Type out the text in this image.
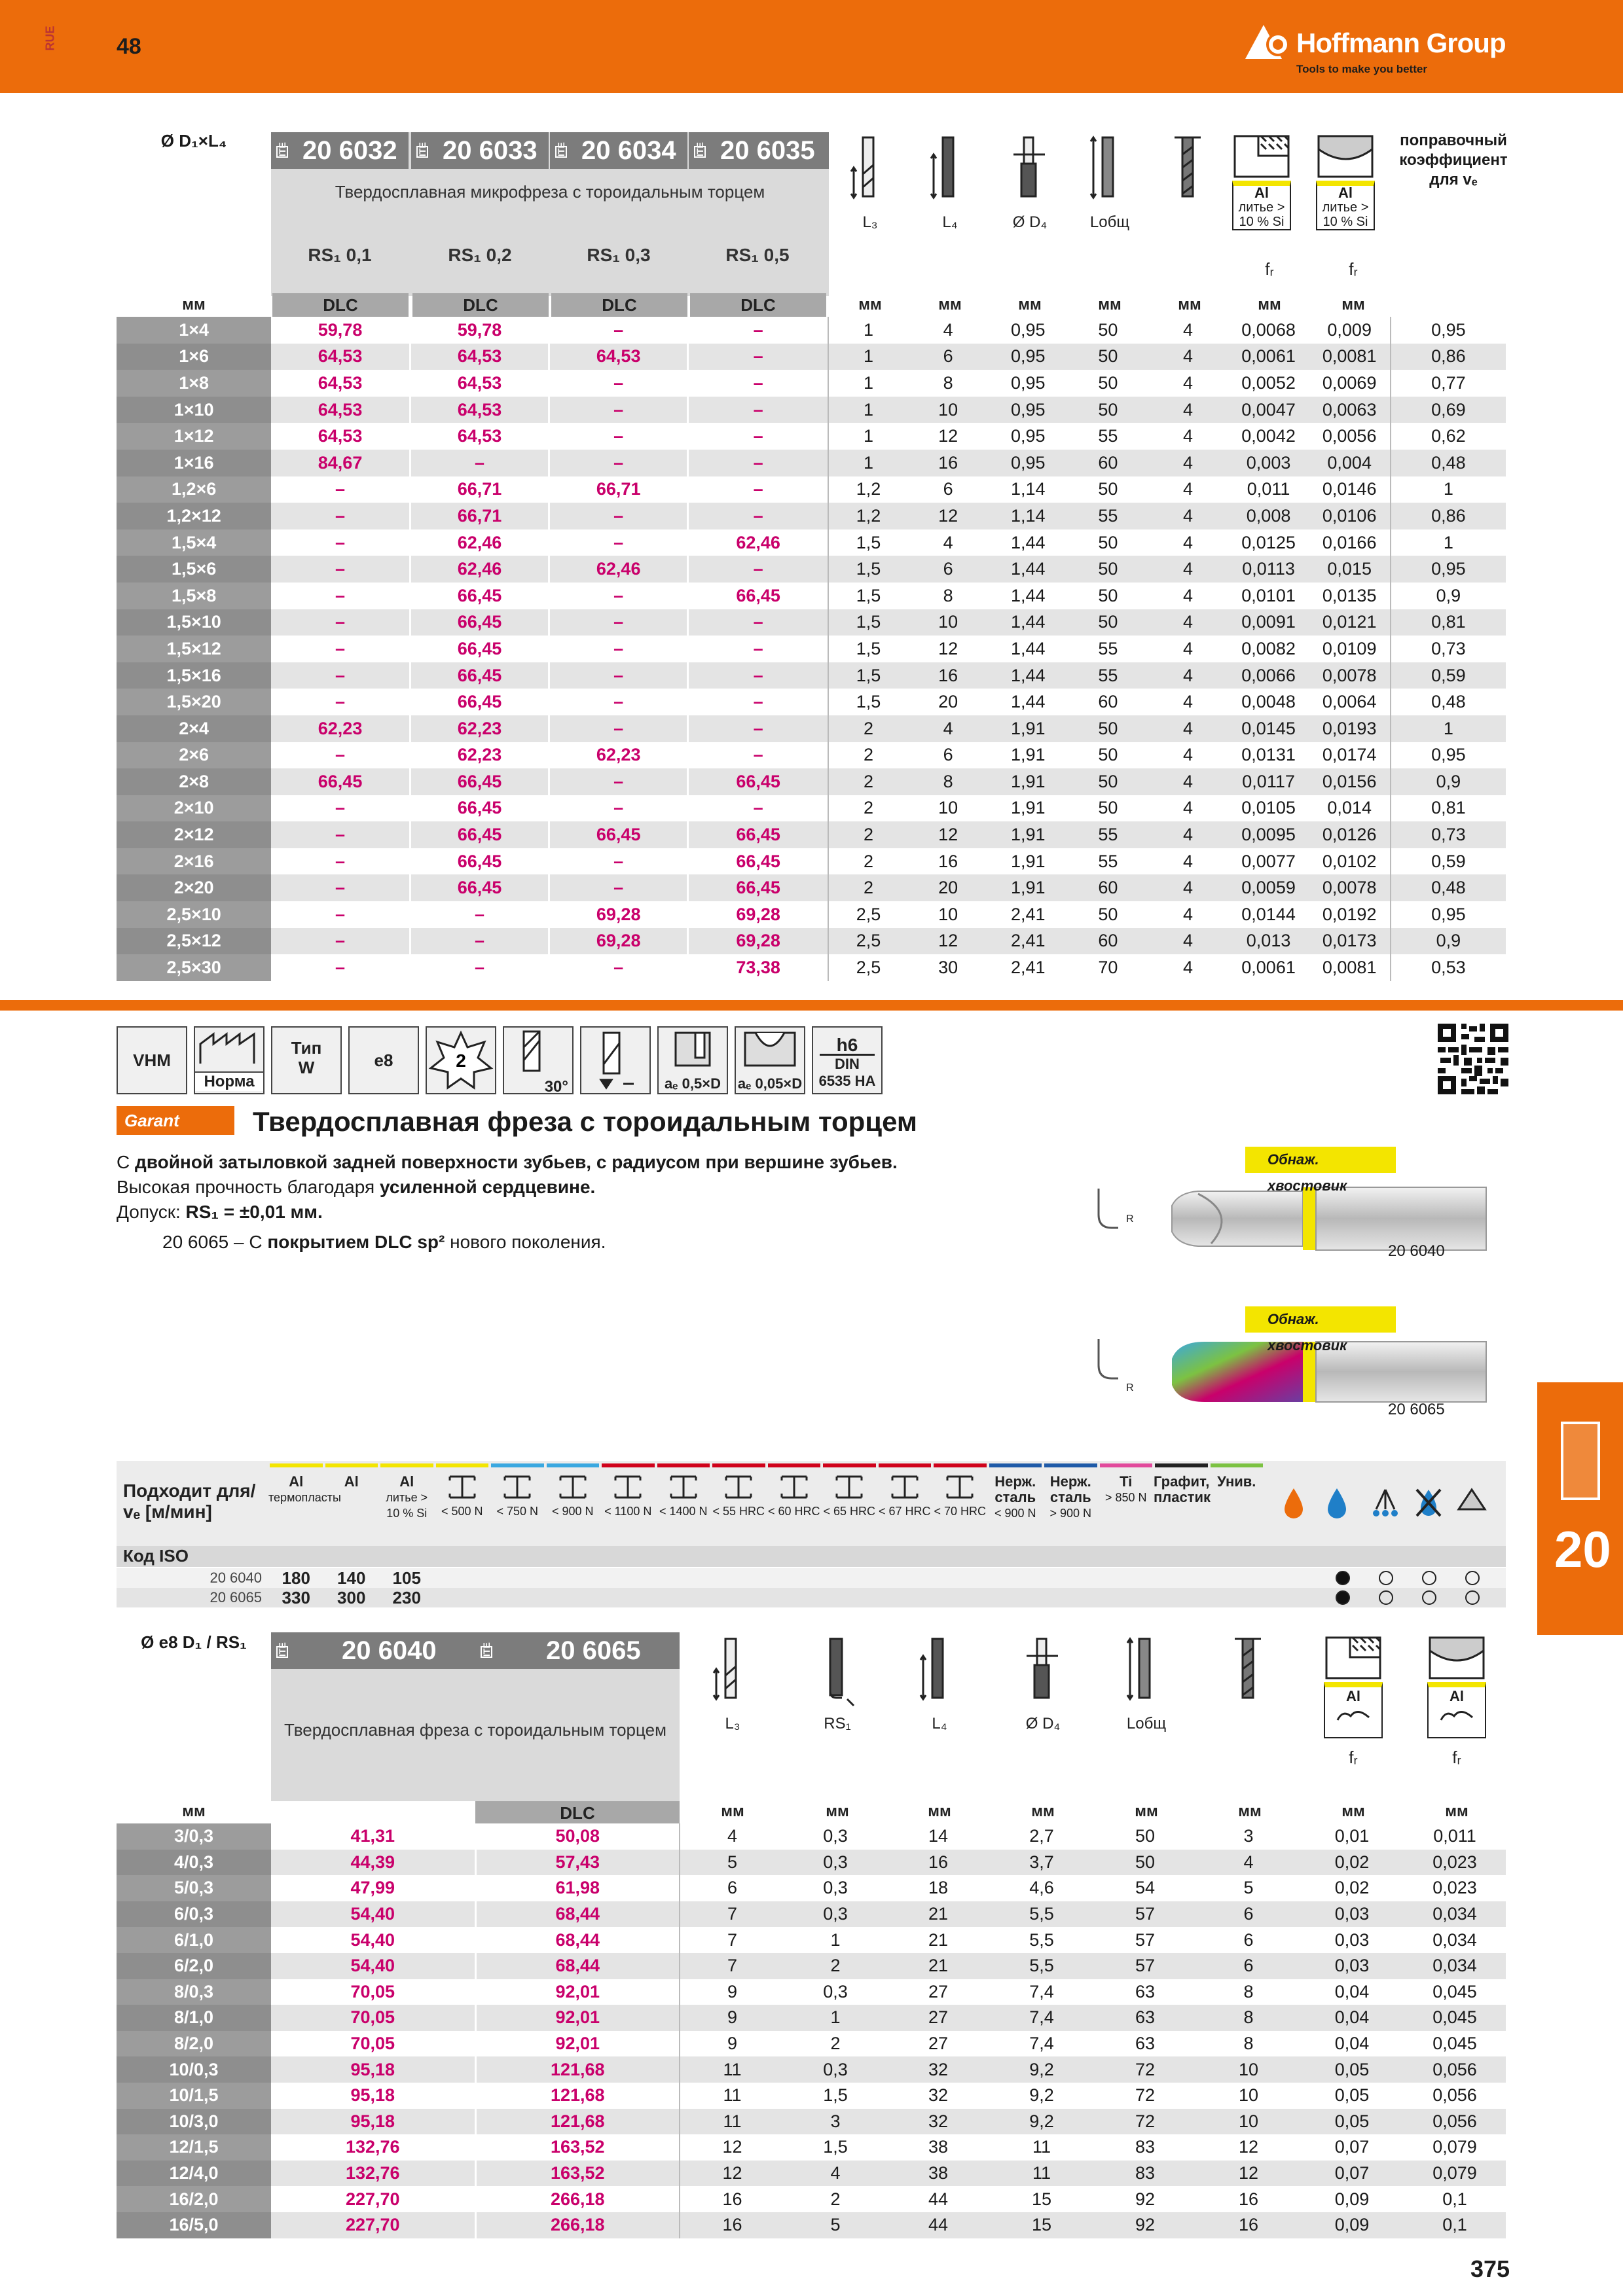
RUE	48	Hoffmann Group
Tools to make you better
Ø D₁×L₄	ITE 20 6032	ITE 20 6033	ITE 20 6034	ITE 20 6035
Твердосплавная микрофреза с тороидальным торцем
RS₁ 0,1	RS₁ 0,2	RS₁ 0,3	RS₁ 0,5
мм	DLC	DLC	DLC	DLC
L₃	L₄	Ø D₄	Lобщ
Al
литье > 10 % Si
fᵣ
Al
литье > 10 % Si
fᵣ
мм	мм	мм	мм	мм	мм	мм
поправочный коэффициент для vₑ
1×4	59,78	59,78	–	–	1	4	0,95	50	4	0,0068	0,009	0,95
1×6	64,53	64,53	64,53	–	1	6	0,95	50	4	0,0061	0,0081	0,86
1×8	64,53	64,53	–	–	1	8	0,95	50	4	0,0052	0,0069	0,77
1×10	64,53	64,53	–	–	1	10	0,95	50	4	0,0047	0,0063	0,69
1×12	64,53	64,53	–	–	1	12	0,95	55	4	0,0042	0,0056	0,62
1×16	84,67	–	–	–	1	16	0,95	60	4	0,003	0,004	0,48
1,2×6	–	66,71	66,71	–	1,2	6	1,14	50	4	0,011	0,0146	1
1,2×12	–	66,71	–	–	1,2	12	1,14	55	4	0,008	0,0106	0,86
1,5×4	–	62,46	–	62,46	1,5	4	1,44	50	4	0,0125	0,0166	1
1,5×6	–	62,46	62,46	–	1,5	6	1,44	50	4	0,0113	0,015	0,95
1,5×8	–	66,45	–	66,45	1,5	8	1,44	50	4	0,0101	0,0135	0,9
1,5×10	–	66,45	–	–	1,5	10	1,44	50	4	0,0091	0,0121	0,81
1,5×12	–	66,45	–	–	1,5	12	1,44	55	4	0,0082	0,0109	0,73
1,5×16	–	66,45	–	–	1,5	16	1,44	55	4	0,0066	0,0078	0,59
1,5×20	–	66,45	–	–	1,5	20	1,44	60	4	0,0048	0,0064	0,48
2×4	62,23	62,23	–	–	2	4	1,91	50	4	0,0145	0,0193	1
2×6	–	62,23	62,23	–	2	6	1,91	50	4	0,0131	0,0174	0,95
2×8	66,45	66,45	–	66,45	2	8	1,91	50	4	0,0117	0,0156	0,9
2×10	–	66,45	–	–	2	10	1,91	50	4	0,0105	0,014	0,81
2×12	–	66,45	66,45	66,45	2	12	1,91	55	4	0,0095	0,0126	0,73
2×16	–	66,45	–	66,45	2	16	1,91	55	4	0,0077	0,0102	0,59
2×20	–	66,45	–	66,45	2	20	1,91	60	4	0,0059	0,0078	0,48
2,5×10	–	–	69,28	69,28	2,5	10	2,41	50	4	0,0144	0,0192	0,95
2,5×12	–	–	69,28	69,28	2,5	12	2,41	60	4	0,013	0,0173	0,9
2,5×30	–	–	–	73,38	2,5	30	2,41	70	4	0,0061	0,0081	0,53
VHM
Норма
Тип
W	e8	2
30°	aₑ 0,5×D	aₑ 0,05×D
h6
DIN
6535 HA
Garant	Твердосплавная фреза с тороидальным торцем
С двойной затыловкой задней поверхности зубьев, с радиусом при вершине зубьев.
Высокая прочность благодаря усиленной сердцевине.
Допуск: RS₁ = ±0,01 мм.
20 6065 – С покрытием DLC sp² нового поколения.
Обнаж. хвостовик
R
20 6040
Обнаж. хвостовик
R
20 6065
20
Подходит для/ vₑ [м/мин]
Al
термопласты
Al	Al
литье > 10 % Si	< 500 N	< 750 N	< 900 N < 1100 N < 1400 N < 55 HRC < 60 HRC < 65 HRC < 67 HRC < 70 HRC
Нерж. сталь
< 900 N
Нерж. сталь
> 900 N
Ti
> 850 N
Графит, пластик
Унив.
Код ISO
20 6040	180	140	105
20 6065	330	300	230
Ø e8 D₁ / RS₁	ITE 20 6040	ITE 20 6065
Твердосплавная фреза с тороидальным торцем
мм	DLC
L₃	RS₁	L₄	Ø D₄	Lобщ
Al
fᵣ
Al
fᵣ
мм	мм	мм	мм	мм	мм	мм	мм
3/0,3	41,31	50,08	4	0,3	14	2,7	50	3	0,01	0,011
4/0,3	44,39	57,43	5	0,3	16	3,7	50	4	0,02	0,023
5/0,3	47,99	61,98	6	0,3	18	4,6	54	5	0,02	0,023
6/0,3	54,40	68,44	7	0,3	21	5,5	57	6	0,03	0,034
6/1,0	54,40	68,44	7	1	21	5,5	57	6	0,03	0,034
6/2,0	54,40	68,44	7	2	21	5,5	57	6	0,03	0,034
8/0,3	70,05	92,01	9	0,3	27	7,4	63	8	0,04	0,045
8/1,0	70,05	92,01	9	1	27	7,4	63	8	0,04	0,045
8/2,0	70,05	92,01	9	2	27	7,4	63	8	0,04	0,045
10/0,3	95,18	121,68	11	0,3	32	9,2	72	10	0,05	0,056
10/1,5	95,18	121,68	11	1,5	32	9,2	72	10	0,05	0,056
10/3,0	95,18	121,68	11	3	32	9,2	72	10	0,05	0,056
12/1,5	132,76	163,52	12	1,5	38	11	83	12	0,07	0,079
12/4,0	132,76	163,52	12	4	38	11	83	12	0,07	0,079
16/2,0	227,70	266,18	16	2	44	15	92	16	0,09	0,1
16/5,0	227,70	266,18	16	5	44	15	92	16	0,09	0,1
375
